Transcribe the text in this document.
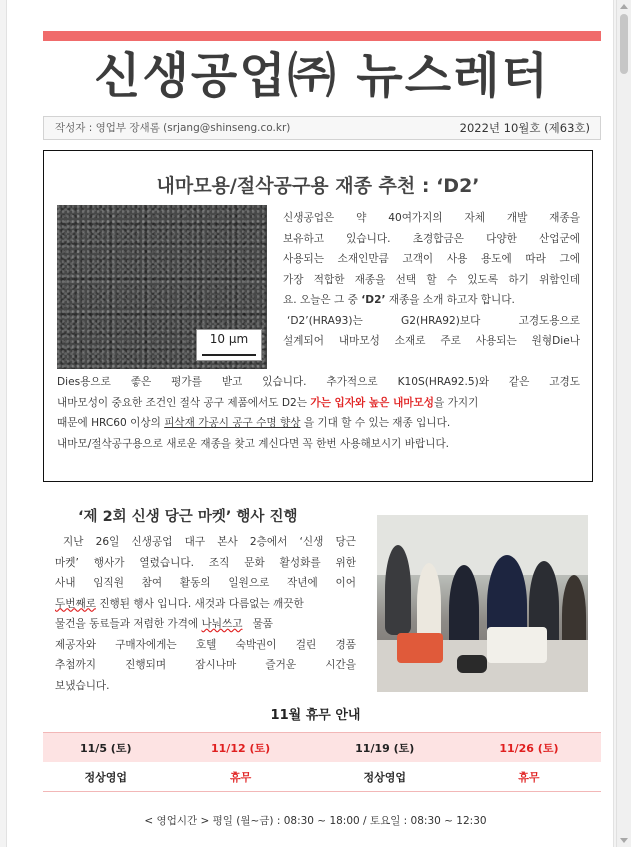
신생공업㈜ 뉴스레터
작성자 : 영업부 장새롬 (srjang@shinseng.co.kr)	2022년 10월호 (제63호)
내마모용/절삭공구용 재종 추천 : ‘D2’
10 μm
신생공업은 약 40여가지의 자체 개발 재종을
보유하고 있습니다. 초경합금은 다양한 산업군에
사용되는 소재인만큼 고객이 사용 용도에 따라 그에
가장 적합한 재종을 선택 할 수 있도록 하기 위함인데
요. 오늘은 그 중 ‘D2’ 재종을 소개 하고자 합니다.
‘D2’(HRA93)는 G2(HRA92)보다 고경도용으로
설계되어 내마모성 소재로 주로 사용되는 원형Die나
Dies용으로 좋은 평가를 받고 있습니다. 추가적으로 K10S(HRA92.5)와 같은 고경도
내마모성이 중요한 조건인 절삭 공구 제품에서도 D2는 가는 입자와 높은 내마모성을 가지기
때문에 HRC60 이상의 피삭재 가공시 공구 수명 향상 을 기대 할 수 있는 재종 입니다.
내마모/절삭공구용으로 새로운 재종을 찾고 계신다면 꼭 한번 사용해보시기 바랍니다.
‘제 2회 신생 당근 마켓’ 행사 진행
지난 26일 신생공업 대구 본사 2층에서 ‘신생 당근
마켓’ 행사가 열렸습니다. 조직 문화 활성화를 위한
사내 임직원 참여 활동의 일원으로 작년에 이어
두번째로 진행된 행사 입니다. 새것과 다름없는 깨끗한
물건을 동료들과 저렴한 가격에 나눠쓰고 물품
제공자와 구매자에게는 호텔 숙박권이 걸린 경품
추첨까지 진행되며 잠시나마 즐거운 시간을
보냈습니다.
11월 휴무 안내
11/5 (토)	11/12 (토)	11/19 (토)	11/26 (토)
정상영업	휴무	정상영업	휴무
< 영업시간 > 평일 (월~금) : 08:30 ~ 18:00 / 토요일 : 08:30 ~ 12:30
